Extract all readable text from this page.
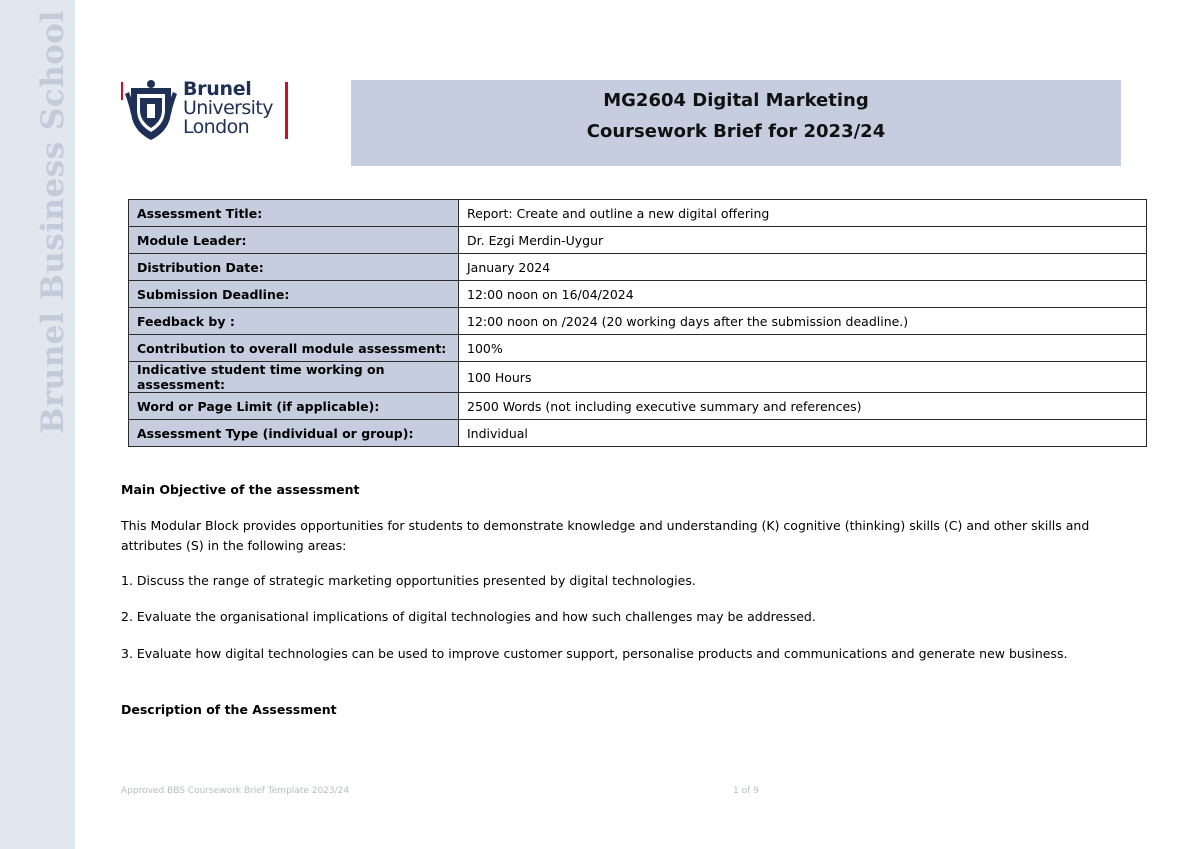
Brunel Business School	Brunel
University
London
MG2604 Digital Marketing
Coursework Brief for 2023/24
Assessment Title:	Report: Create and outline a new digital offering
Module Leader:	Dr. Ezgi Merdin-Uygur
Distribution Date:	January 2024
Submission Deadline:	12:00 noon on 16/04/2024
Feedback by :	12:00 noon on /2024 (20 working days after the submission deadline.)
Contribution to overall module assessment:	100%
Indicative student time working on assessment:	100 Hours
Word or Page Limit (if applicable):	2500 Words (not including executive summary and references)
Assessment Type (individual or group):	Individual
Main Objective of the assessment
This Modular Block provides opportunities for students to demonstrate knowledge and understanding (K) cognitive (thinking) skills (C) and other skills and attributes (S) in the following areas:
1. Discuss the range of strategic marketing opportunities presented by digital technologies.
2. Evaluate the organisational implications of digital technologies and how such challenges may be addressed.
3. Evaluate how digital technologies can be used to improve customer support, personalise products and communications and generate new business.
Description of the Assessment
Approved BBS Coursework Brief Template 2023/24	1 of 9
